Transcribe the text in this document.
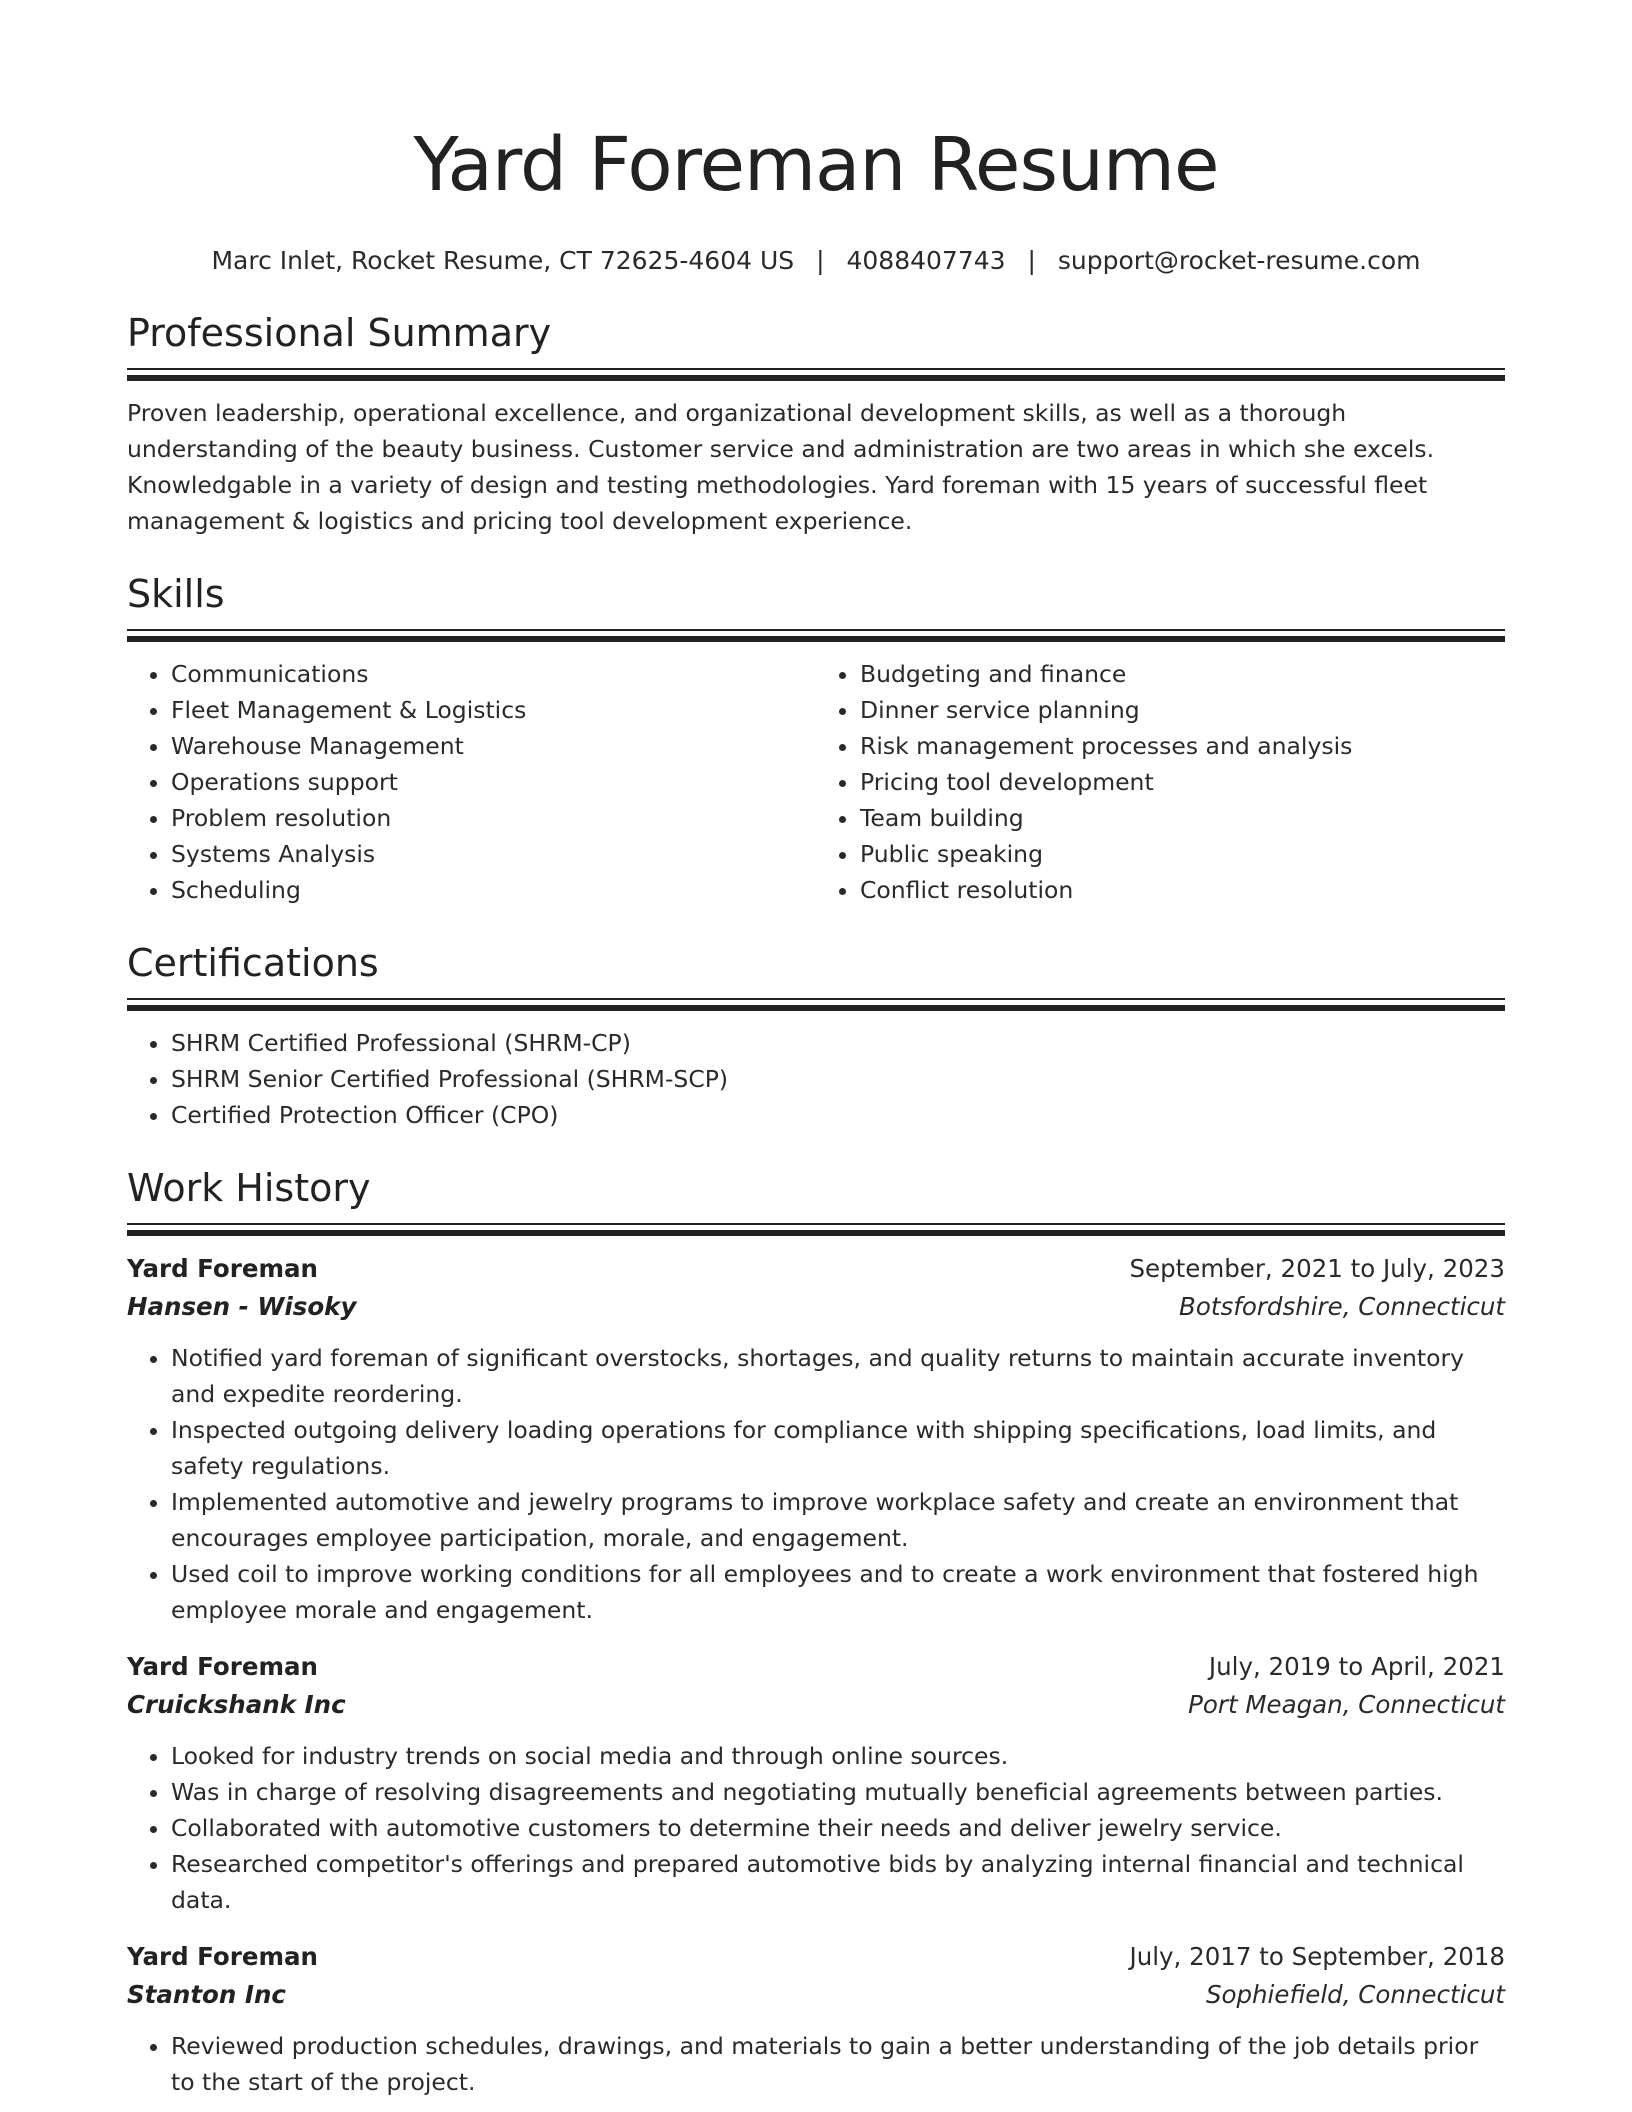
Yard Foreman Resume
Marc Inlet, Rocket Resume, CT 72625-4604 US | 4088407743 | support@rocket-resume.com
Professional Summary

Proven leadership, operational excellence, and organizational development skills, as well as a thorough understanding of the beauty business. Customer service and administration are two areas in which she excels. Knowledgable in a variety of design and testing methodologies. Yard foreman with 15 years of successful fleet management & logistics and pricing tool development experience.

Skills
• Communications
• Fleet Management & Logistics
• Warehouse Management
• Operations support
• Problem resolution
• Systems Analysis
• Scheduling
• Budgeting and finance
• Dinner service planning
• Risk management processes and analysis
• Pricing tool development
• Team building
• Public speaking
• Conflict resolution
Certifications
• SHRM Certified Professional (SHRM-CP)
• SHRM Senior Certified Professional (SHRM-SCP)
• Certified Protection Officer (CPO)
Work History
Yard Foreman	September, 2021 to July, 2023
Hansen - Wisoky	Botsfordshire, Connecticut
• Notified yard foreman of significant overstocks, shortages, and quality returns to maintain accurate inventory and expedite reordering.
• Inspected outgoing delivery loading operations for compliance with shipping specifications, load limits, and safety regulations.
• Implemented automotive and jewelry programs to improve workplace safety and create an environment that encourages employee participation, morale, and engagement.
• Used coil to improve working conditions for all employees and to create a work environment that fostered high employee morale and engagement.
Yard Foreman	July, 2019 to April, 2021
Cruickshank Inc	Port Meagan, Connecticut
• Looked for industry trends on social media and through online sources.
• Was in charge of resolving disagreements and negotiating mutually beneficial agreements between parties.
• Collaborated with automotive customers to determine their needs and deliver jewelry service.
• Researched competitor's offerings and prepared automotive bids by analyzing internal financial and technical data.
Yard Foreman	July, 2017 to September, 2018
Stanton Inc	Sophiefield, Connecticut
• Reviewed production schedules, drawings, and materials to gain a better understanding of the job details prior to the start of the project.
